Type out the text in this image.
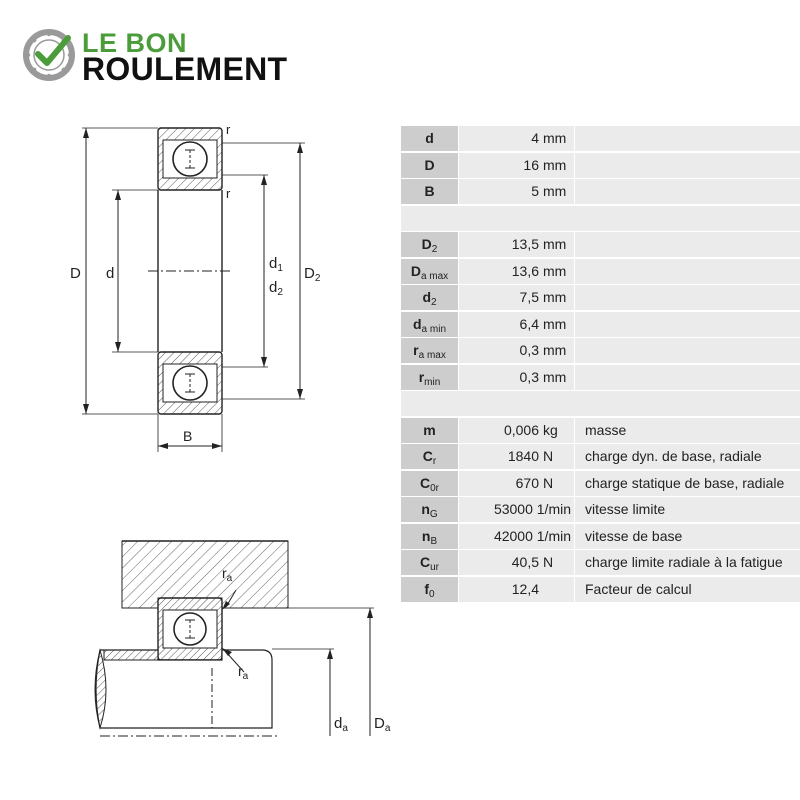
LE BON
ROULEMENT
D d
$d_1$
$d_2$
$D_2$
B
r
r
$r_a$
$r_a$
$d_a$ $D_a$
d	4 mm
D	16 mm
B	5 mm
$D_2$	13,5 mm
$D_{a max}$	13,6 mm
$d_2$	7,5 mm
$d_{a min}$	6,4 mm
$r_{a max}$	0,3 mm
$r_{min}$	0,3 mm
m	0,006 kg	masse
$C_r$	1840 N	charge dyn. de base, radiale
$C_{0r}$	670 N	charge statique de base, radiale
$n_G$	53000 1/min	vitesse limite
$n_B$	42000 1/min	vitesse de base
$C_{ur}$	40,5 N	charge limite radiale à la fatigue
$f_0$	12,4	Facteur de calcul
